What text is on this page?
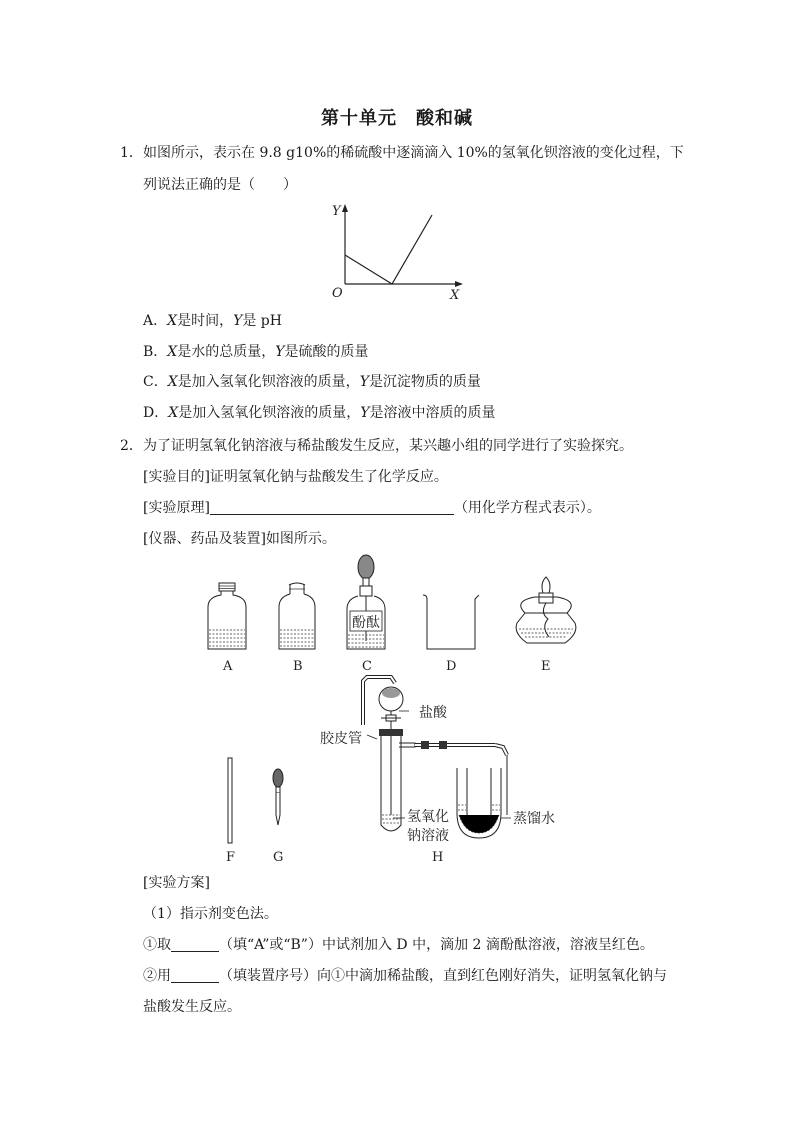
第十单元　酸和碱
1． 如图所示，表示在 9.8 g10%的稀硫酸中逐滴滴入 10%的氢氧化钡溶液的变化过程，下
列说法正确的是（　　）
Y
O	X
A．X是时间，Y是 pH
B．X是水的总质量，Y是硫酸的质量
C．X是加入氢氧化钡溶液的质量，Y是沉淀物质的质量
D．X是加入氢氧化钡溶液的质量，Y是溶液中溶质的质量
2． 为了证明氢氧化钠溶液与稀盐酸发生反应，某兴趣小组的同学进行了实验探究。
[实验目的]证明氢氧化钠与盐酸发生了化学反应。
[实验原理]	（用化学方程式表示）。
[仪器、药品及装置]如图所示。
A	B
酚酞
C	D	E
F	G
盐酸
胶皮管
氢氧化
钠溶液
蒸馏水
H
[实验方案]
（1）指示剂变色法。
①取	（填“A”或“B”）中试剂加入 D 中，滴加 2 滴酚酞溶液，溶液呈红色。
②用	（填装置序号）向①中滴加稀盐酸，直到红色刚好消失，证明氢氧化钠与
盐酸发生反应。
